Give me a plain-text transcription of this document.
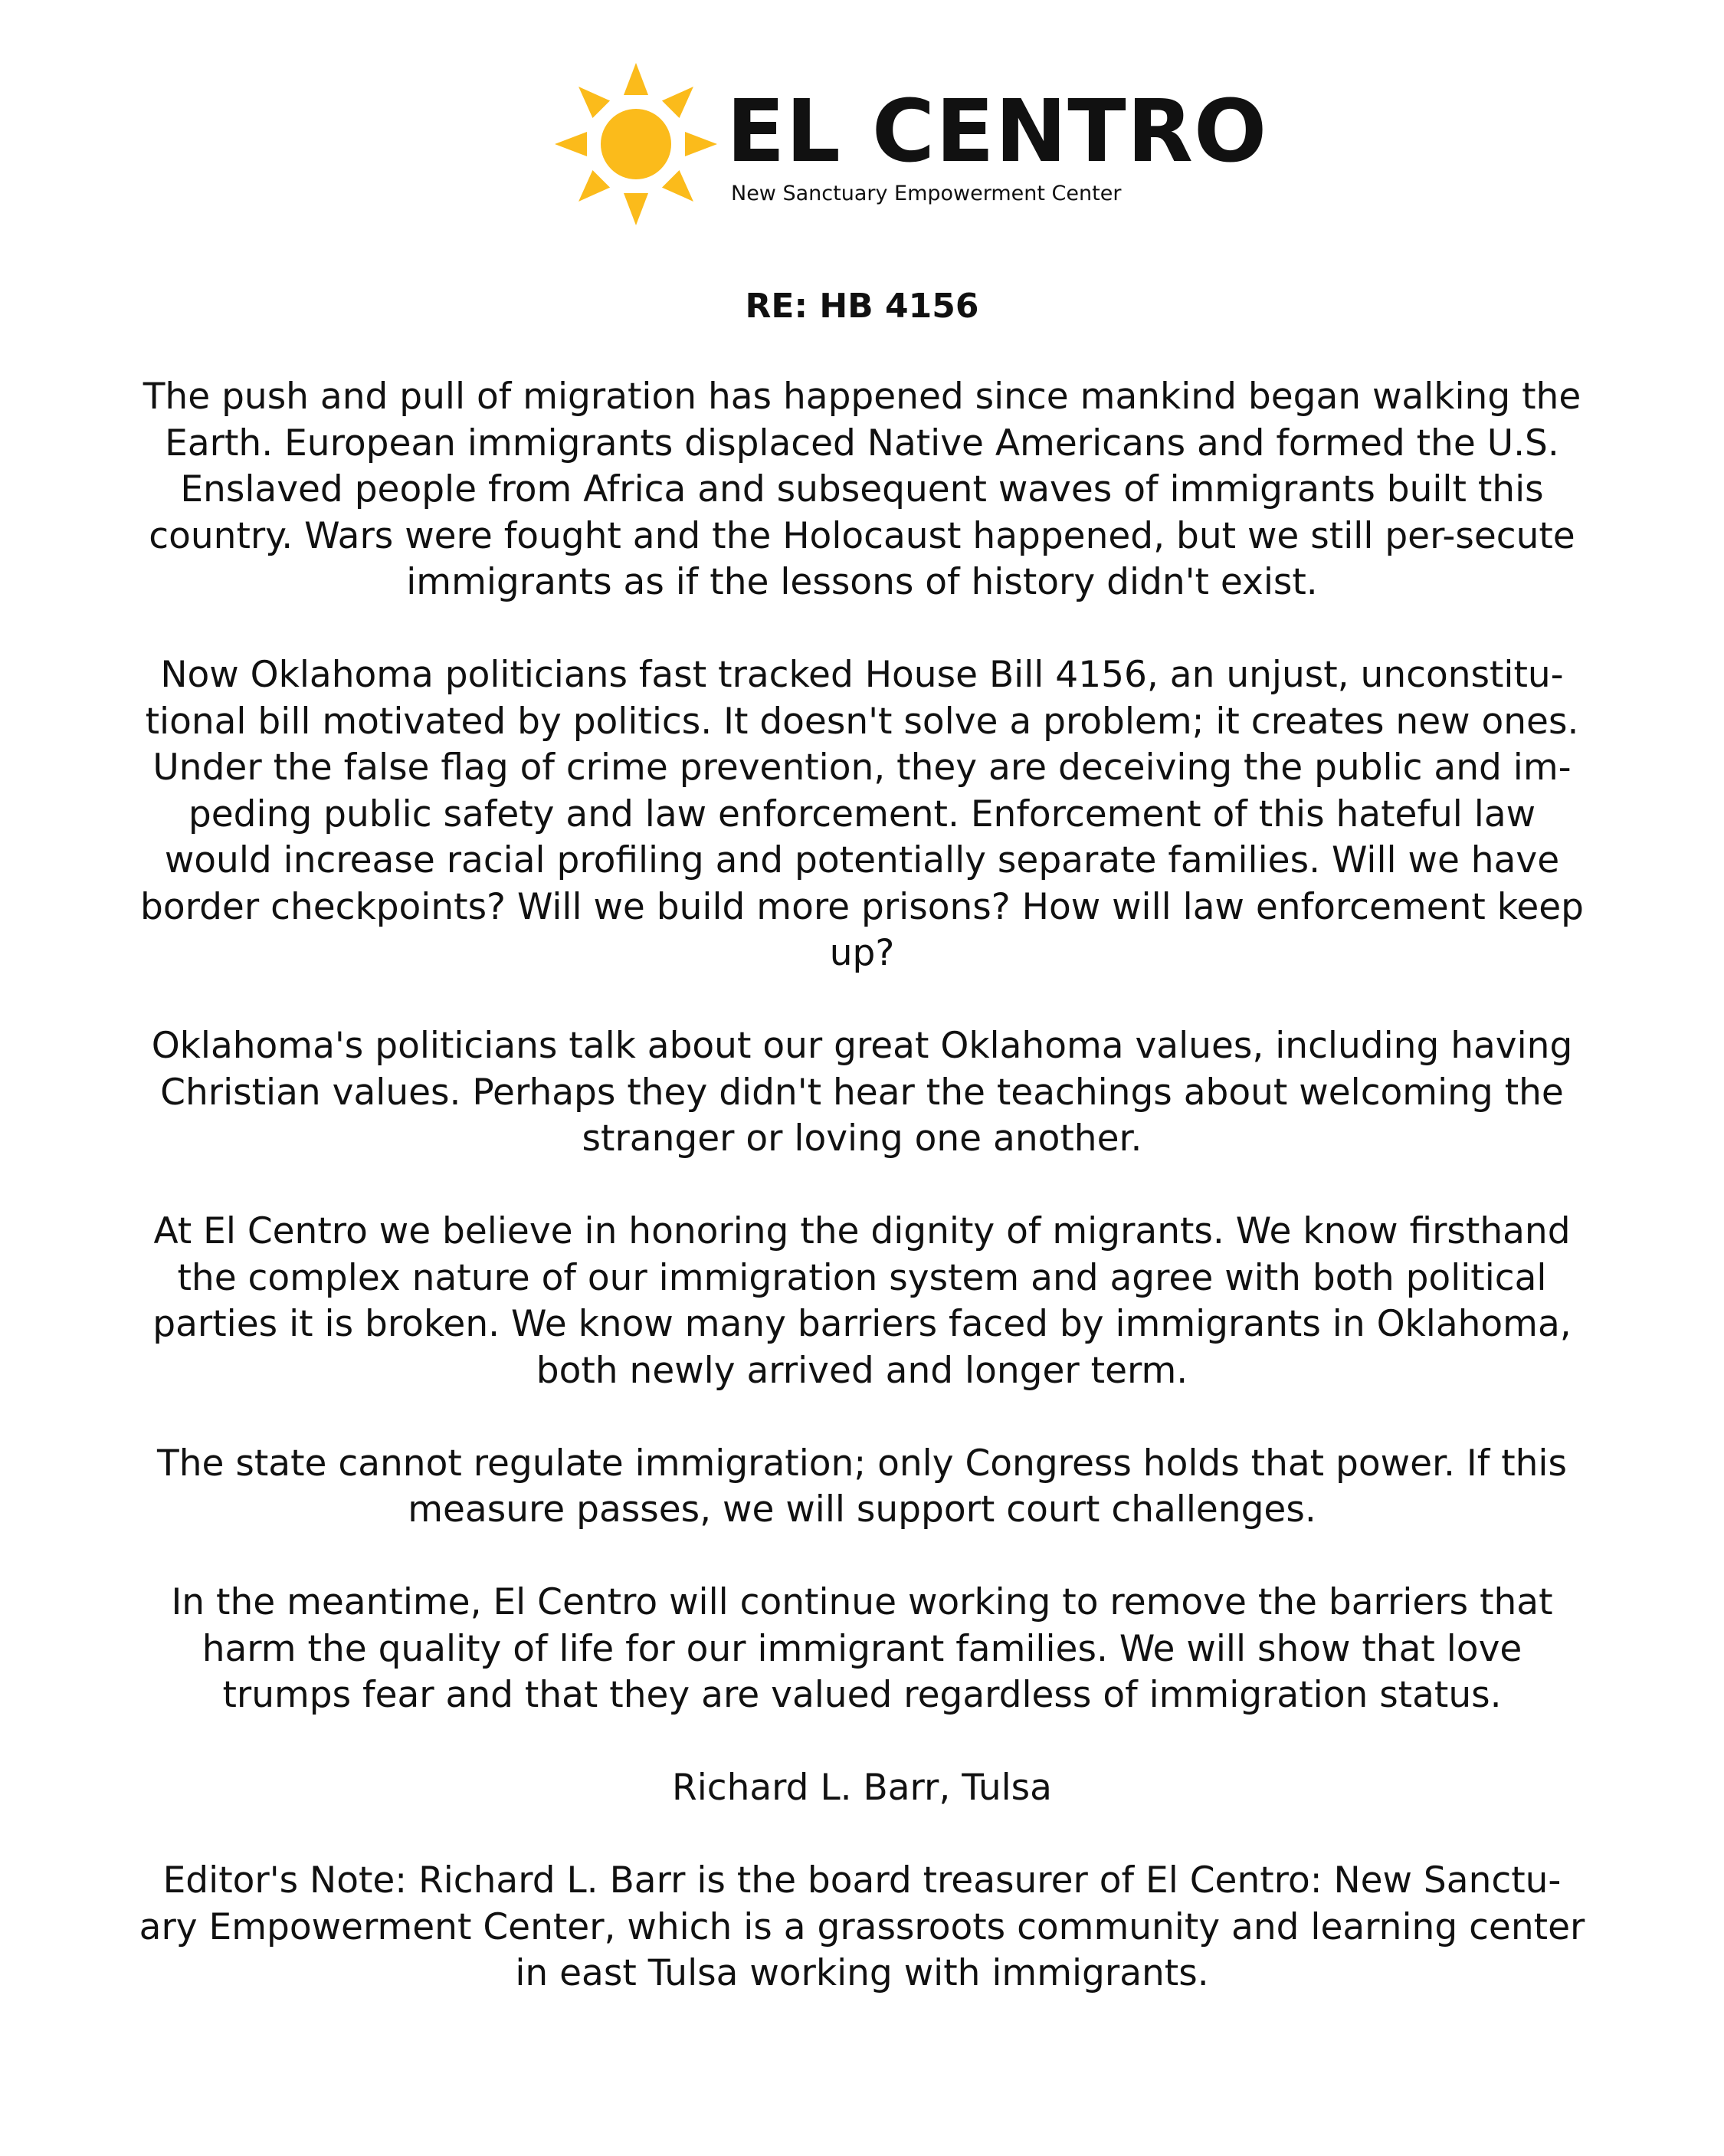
EL CENTRO
New Sanctuary Empowerment Center

RE: HB 4156

The push and pull of migration has happened since mankind began walking the Earth. European immigrants displaced Native Americans and formed the U.S. Enslaved people from Africa and subsequent waves of immigrants built this country. Wars were fought and the Holocaust happened, but we still per-secute immigrants as if the lessons of history didn't exist.

Now Oklahoma politicians fast tracked House Bill 4156, an unjust, unconstitu-tional bill motivated by politics. It doesn't solve a problem; it creates new ones.

Under the false flag of crime prevention, they are deceiving the public and im-peding public safety and law enforcement. Enforcement of this hateful law would increase racial profiling and potentially separate families. Will we have border checkpoints? Will we build more prisons? How will law enforcement keep up?

Oklahoma's politicians talk about our great Oklahoma values, including having Christian values. Perhaps they didn't hear the teachings about welcoming the stranger or loving one another.

At El Centro we believe in honoring the dignity of migrants. We know firsthand the complex nature of our immigration system and agree with both political parties it is broken. We know many barriers faced by immigrants in Oklahoma, both newly arrived and longer term.

The state cannot regulate immigration; only Congress holds that power. If this measure passes, we will support court challenges.

In the meantime, El Centro will continue working to remove the barriers that harm the quality of life for our immigrant families. We will show that love trumps fear and that they are valued regardless of immigration status.

Richard L. Barr, Tulsa

Editor's Note: Richard L. Barr is the board treasurer of El Centro: New Sanctu-ary Empowerment Center, which is a grassroots community and learning center in east Tulsa working with immigrants.
